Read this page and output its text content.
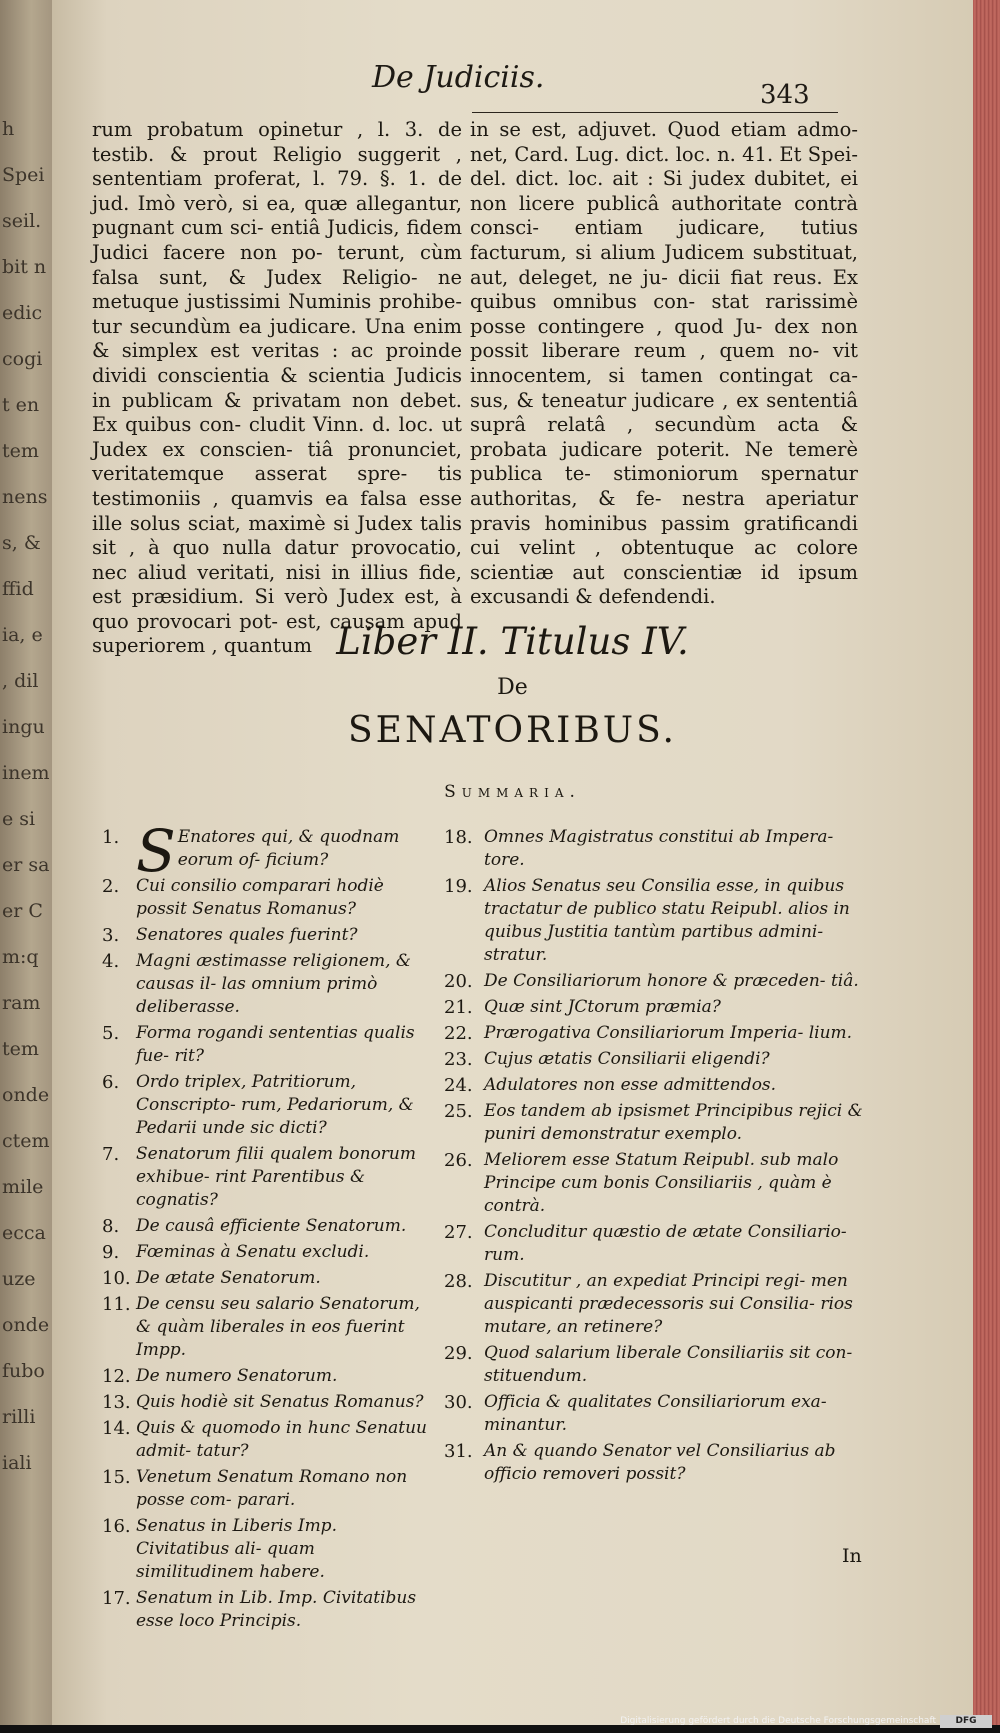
h
Spei
seil.
bit n
edic
cogi
t en
tem
nens
s, &
ffid
ia, e
, dil
ingu
inem
e si
er sa
er C
m:q
ram
tem
onde
ctem
mile
ecca
uze
onde
fubo
rilli
iali
De Judiciis.	343

rum probatum opinetur , l. 3. de testib. & prout Religio suggerit , sententiam proferat, l. 79. §. 1. de jud. Imò verò, si ea, quæ allegantur, pugnant cum sci- entiâ Judicis, fidem Judici facere non po- terunt, cùm falsa sunt, & Judex Religio- ne metuque justissimi Numinis prohibe- tur secundùm ea judicare. Una enim & simplex est veritas : ac proinde dividi conscientia & scientia Judicis in publicam & privatam non debet. Ex quibus con- cludit Vinn. d. loc. ut Judex ex conscien- tiâ pronunciet, veritatemque asserat spre- tis testimoniis , quamvis ea falsa esse ille solus sciat, maximè si Judex talis sit , à quo nulla datur provocatio, nec aliud veritati, nisi in illius fide, est præsidium. Si verò Judex est, à quo provocari pot- est, causam apud superiorem , quantum

in se est, adjuvet. Quod etiam admo- net, Card. Lug. dict. loc. n. 41. Et Spei- del. dict. loc. ait : Si judex dubitet, ei non licere publicâ authoritate contrà consci- entiam judicare, tutius facturum, si alium Judicem substituat, aut, deleget, ne ju- dicii fiat reus. Ex quibus omnibus con- stat rarissimè posse contingere , quod Ju- dex non possit liberare reum , quem no- vit innocentem, si tamen contingat ca- sus, & teneatur judicare , ex sententiâ suprâ relatâ , secundùm acta & probata judicare poterit. Ne temerè publica te- stimoniorum spernatur authoritas, & fe- nestra aperiatur pravis hominibus passim gratificandi cui velint , obtentuque ac colore scientiæ aut conscientiæ id ipsum excusandi & defendendi.

Liber II. Titulus IV.
De
SENATORIBUS.
Summaria.
1. S Enatores qui, & quodnam eorum of- ficium?
2. Cui consilio comparari hodiè possit Senatus Romanus?
3. Senatores quales fuerint?
4. Magni æstimasse religionem, & causas il- las omnium primò deliberasse.
5. Forma rogandi sententias qualis fue- rit?
6. Ordo triplex, Patritiorum, Conscripto- rum, Pedariorum, & Pedarii unde sic dicti?
7. Senatorum filii qualem bonorum exhibue- rint Parentibus & cognatis?
8. De causâ efficiente Senatorum.
9. Fœminas à Senatu excludi.
10. De ætate Senatorum.
11. De censu seu salario Senatorum, & quàm liberales in eos fuerint Impp.
12. De numero Senatorum.
13. Quis hodiè sit Senatus Romanus?
14. Quis & quomodo in hunc Senatuu admit- tatur?
15. Venetum Senatum Romano non posse com- parari.
16. Senatus in Liberis Imp. Civitatibus ali- quam similitudinem habere.
17. Senatum in Lib. Imp. Civitatibus esse loco Principis.
18. Omnes Magistratus constitui ab Impera- tore.
19. Alios Senatus seu Consilia esse, in quibus tractatur de publico statu Reipubl. alios in quibus Justitia tantùm partibus admini- stratur.
20. De Consiliariorum honore & præceden- tiâ.
21. Quæ sint JCtorum præmia?
22. Prærogativa Consiliariorum Imperia- lium.
23. Cujus ætatis Consiliarii eligendi?
24. Adulatores non esse admittendos.
25. Eos tandem ab ipsismet Principibus rejici & puniri demonstratur exemplo.
26. Meliorem esse Statum Reipubl. sub malo Principe cum bonis Consiliariis , quàm è contrà.
27. Concluditur quæstio de ætate Consiliario- rum.
28. Discutitur , an expediat Principi regi- men auspicanti prædecessoris sui Consilia- rios mutare, an retinere?
29. Quod salarium liberale Consiliariis sit con- stituendum.
30. Officia & qualitates Consiliariorum exa- minantur.
31. An & quando Senator vel Consiliarius ab officio removeri possit?
In
Digitalisierung gefördert durch die Deutsche Forschungsgemeinschaft	DFG
